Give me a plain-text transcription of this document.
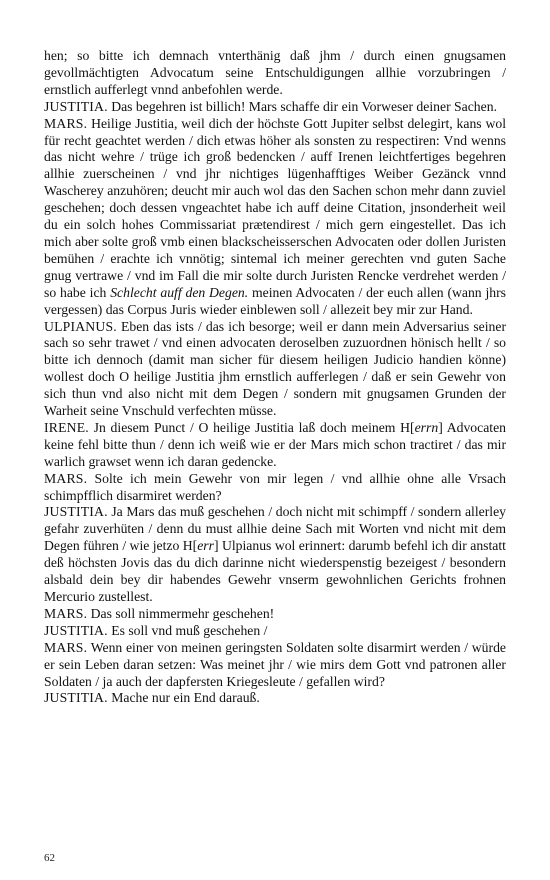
hen; so bitte ich demnach vnterthänig daß jhm / durch einen gnugsamen gevollmächtigten Advocatum seine Entschuldigungen allhie vorzubringen / ernstlich aufferlegt vnnd anbefohlen werde.

JUSTITIA. Das begehren ist billich! Mars schaffe dir ein Vorweser deiner Sachen.

MARS. Heilige Justitia, weil dich der höchste Gott Jupiter selbst delegirt, kans wol für recht geachtet werden / dich etwas höher als sonsten zu respectiren: Vnd wenns das nicht wehre / trüge ich groß bedencken / auff Irenen leichtfertiges begehren allhie zuerscheinen / vnd jhr nichtiges lügenhafftiges Weiber Gezänck vnnd Wascherey anzuhören; deucht mir auch wol das den Sachen schon mehr dann zuviel geschehen; doch dessen vngeachtet habe ich auff deine Citation, jnsonderheit weil du ein solch hohes Commissariat prætendirest / mich gern eingestellet. Das ich mich aber solte groß vmb einen blackscheisserschen Advocaten oder dollen Juristen bemühen / erachte ich vnnötig; sintemal ich meiner gerechten vnd guten Sache gnug vertrawe / vnd im Fall die mir solte durch Juristen Rencke verdrehet werden / so habe ich Schlecht auff den Degen. meinen Advocaten / der euch allen (wann jhrs vergessen) das Corpus Juris wieder einblewen soll / allezeit bey mir zur Hand.

ULPIANUS. Eben das ists / das ich besorge; weil er dann mein Adversarius seiner sach so sehr trawet / vnd einen advocaten deroselben zuzuordnen hönisch hellt / so bitte ich dennoch (damit man sicher für diesem heiligen Judicio handien könne) wollest doch O heilige Justitia jhm ernstlich aufferlegen / daß er sein Gewehr von sich thun vnd also nicht mit dem Degen / sondern mit gnugsamen Grunden der Warheit seine Vnschuld verfechten müsse.

IRENE. Jn diesem Punct / O heilige Justitia laß doch meinem H[errn] Advocaten keine fehl bitte thun / denn ich weiß wie er der Mars mich schon tractiret / das mir warlich grawset wenn ich daran gedencke.

MARS. Solte ich mein Gewehr von mir legen / vnd allhie ohne alle Vrsach schimpfflich disarmiret werden?

JUSTITIA. Ja Mars das muß geschehen / doch nicht mit schimpff / sondern allerley gefahr zuverhüten / denn du must allhie deine Sach mit Worten vnd nicht mit dem Degen führen / wie jetzo H[err] Ulpianus wol erinnert: darumb befehl ich dir anstatt deß höchsten Jovis das du dich darinne nicht wiederspenstig bezeigest / besondern alsbald dein bey dir habendes Gewehr vnserm gewohnlichen Gerichts frohnen Mercurio zustellest.

MARS. Das soll nimmermehr geschehen!

JUSTITIA. Es soll vnd muß geschehen /

MARS. Wenn einer von meinen geringsten Soldaten solte disarmirt werden / würde er sein Leben daran setzen: Was meinet jhr / wie mirs dem Gott vnd patronen aller Soldaten / ja auch der dapfersten Kriegesleute / gefallen wird?

JUSTITIA. Mache nur ein End darauß.

62
